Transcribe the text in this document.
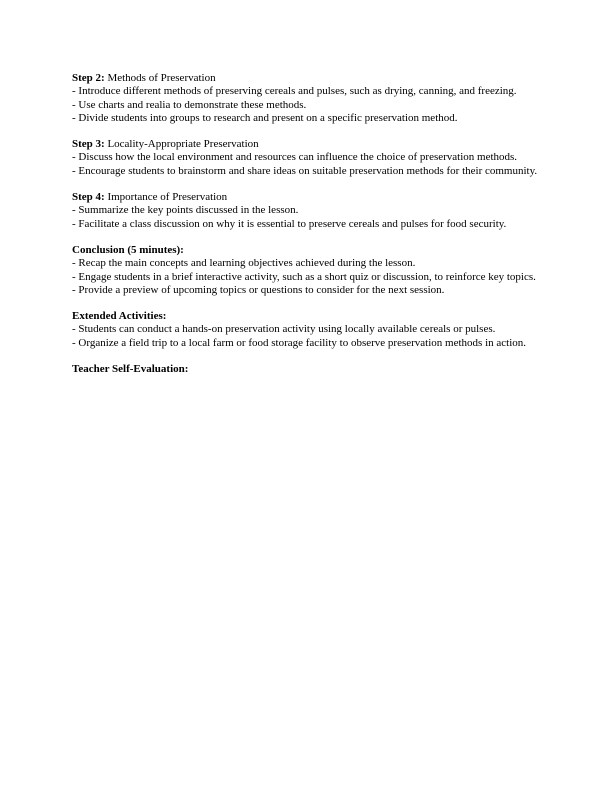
Step 2: Methods of Preservation

- Introduce different methods of preserving cereals and pulses, such as drying, canning, and freezing.

- Use charts and realia to demonstrate these methods.

- Divide students into groups to research and present on a specific preservation method.

Step 3: Locality-Appropriate Preservation

- Discuss how the local environment and resources can influence the choice of preservation methods.

- Encourage students to brainstorm and share ideas on suitable preservation methods for their community.

Step 4: Importance of Preservation

- Summarize the key points discussed in the lesson.

- Facilitate a class discussion on why it is essential to preserve cereals and pulses for food security.

Conclusion (5 minutes):

- Recap the main concepts and learning objectives achieved during the lesson.

- Engage students in a brief interactive activity, such as a short quiz or discussion, to reinforce key topics.

- Provide a preview of upcoming topics or questions to consider for the next session.

Extended Activities:

- Students can conduct a hands-on preservation activity using locally available cereals or pulses.

- Organize a field trip to a local farm or food storage facility to observe preservation methods in action.

Teacher Self-Evaluation:
